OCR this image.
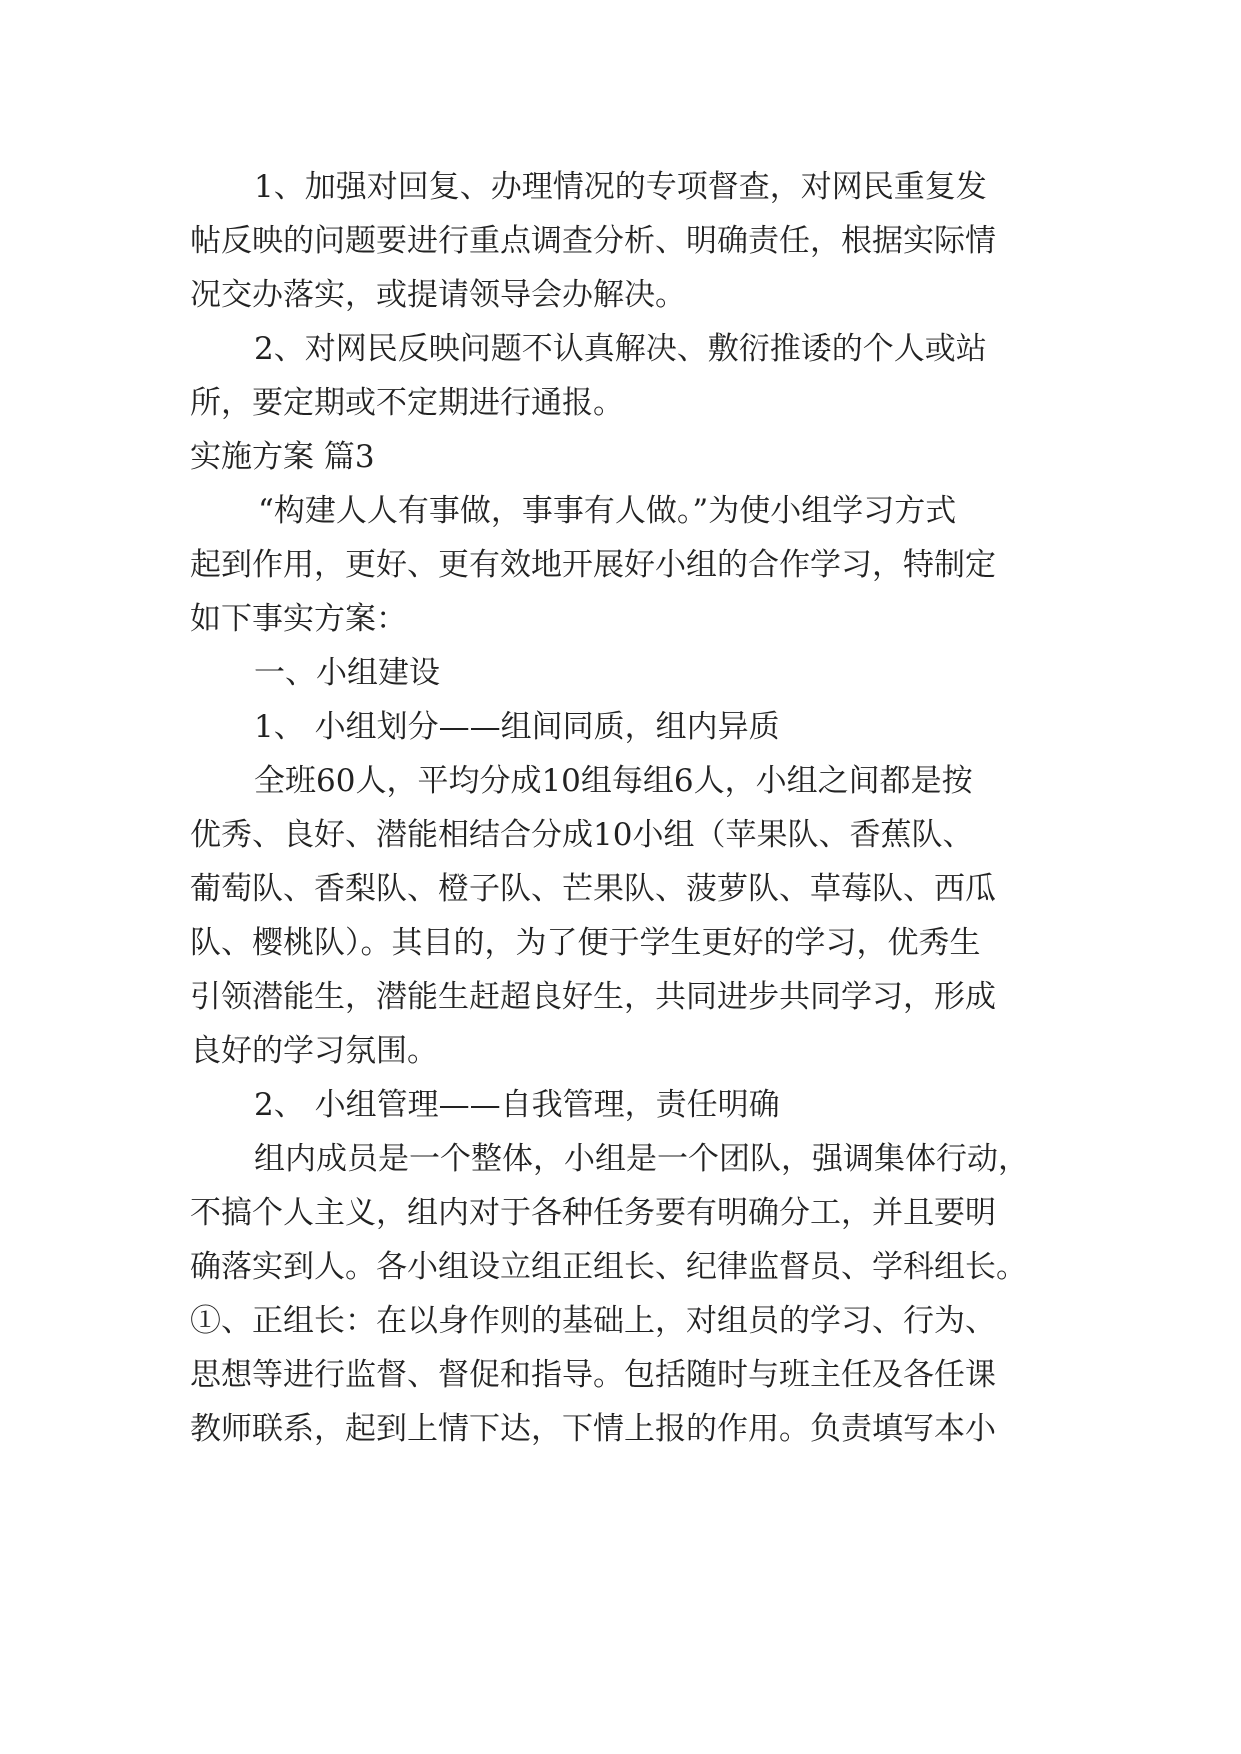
1、加强对回复、办理情况的专项督查，对网民重复发
帖反映的问题要进行重点调查分析、明确责任，根据实际情
况交办落实，或提请领导会办解决。
2、对网民反映问题不认真解决、敷衍推诿的个人或站
所，要定期或不定期进行通报。
实施方案 篇3
“构建人人有事做，事事有人做。”为使小组学习方式
起到作用，更好、更有效地开展好小组的合作学习，特制定
如下事实方案：
一、小组建设
1、 小组划分——组间同质，组内异质
全班60人，平均分成10组每组6人，小组之间都是按
优秀、良好、潜能相结合分成10小组（苹果队、香蕉队、
葡萄队、香梨队、橙子队、芒果队、菠萝队、草莓队、西瓜
队、樱桃队）。其目的，为了便于学生更好的学习，优秀生
引领潜能生，潜能生赶超良好生，共同进步共同学习，形成
良好的学习氛围。
2、 小组管理——自我管理，责任明确
组内成员是一个整体，小组是一个团队，强调集体行动，
不搞个人主义，组内对于各种任务要有明确分工，并且要明
确落实到人。各小组设立组正组长、纪律监督员、学科组长。
①、正组长：在以身作则的基础上，对组员的学习、行为、
思想等进行监督、督促和指导。包括随时与班主任及各任课
教师联系，起到上情下达，下情上报的作用。负责填写本小
